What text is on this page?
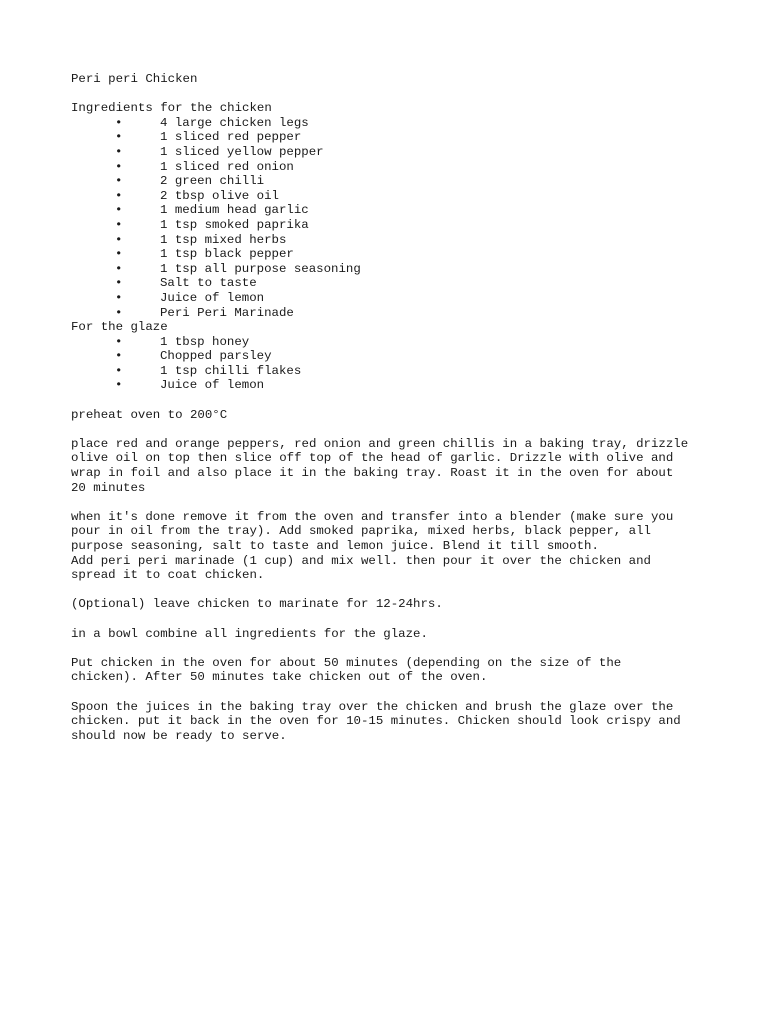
Peri peri Chicken

Ingredients for the chicken

•	4 large chicken legs
•	1 sliced red pepper
•	1 sliced yellow pepper
•	1 sliced red onion
•	2 green chilli
•	2 tbsp olive oil
•	1 medium head garlic
•	1 tsp smoked paprika
•	1 tsp mixed herbs
•	1 tsp black pepper
•	1 tsp all purpose seasoning
•	Salt to taste
•	Juice of lemon
•	Peri Peri Marinade

For the glaze

•	1 tbsp honey
•	Chopped parsley
•	1 tsp chilli flakes
•	Juice of lemon

preheat oven to 200°C

place red and orange peppers, red onion and green chillis in a baking tray, drizzle

olive oil on top then slice off top of the head of garlic. Drizzle with olive and

wrap in foil and also place it in the baking tray. Roast it in the oven for about

20 minutes

when it's done remove it from the oven and transfer into a blender (make sure you

pour in oil from the tray). Add smoked paprika, mixed herbs, black pepper, all

purpose seasoning, salt to taste and lemon juice. Blend it till smooth.

Add peri peri marinade (1 cup) and mix well. then pour it over the chicken and

spread it to coat chicken.

(Optional) leave chicken to marinate for 12-24hrs.

in a bowl combine all ingredients for the glaze.

Put chicken in the oven for about 50 minutes (depending on the size of the

chicken). After 50 minutes take chicken out of the oven.

Spoon the juices in the baking tray over the chicken and brush the glaze over the

chicken. put it back in the oven for 10-15 minutes. Chicken should look crispy and

should now be ready to serve.
